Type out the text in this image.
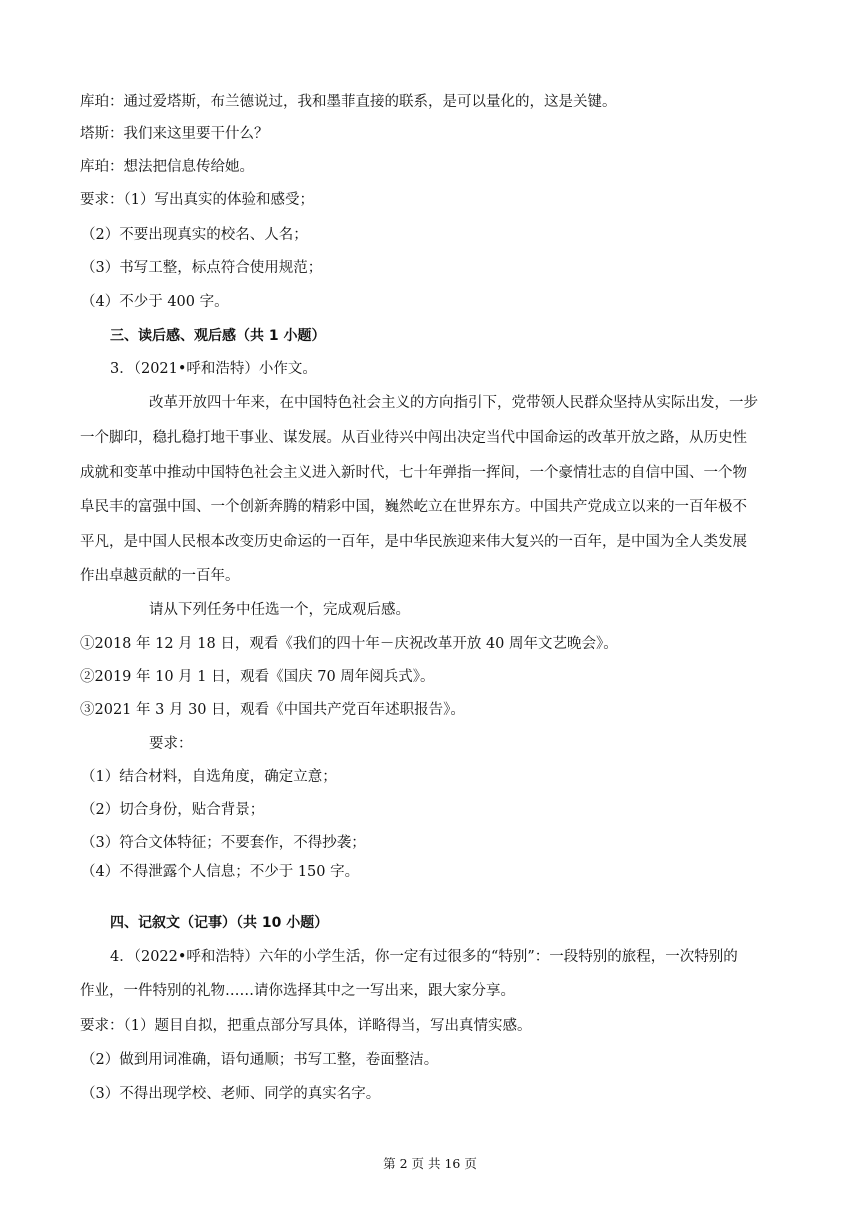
库珀：通过爱塔斯，布兰德说过，我和墨菲直接的联系，是可以量化的，这是关键。
塔斯：我们来这里要干什么？
库珀：想法把信息传给她。
要求：（1）写出真实的体验和感受；
（2）不要出现真实的校名、人名；
（3）书写工整，标点符合使用规范；
（4）不少于 400 字。
三、读后感、观后感（共 1 小题）
3．（2021•呼和浩特）小作文。
改革开放四十年来，在中国特色社会主义的方向指引下，党带领人民群众坚持从实际出发，一步
一个脚印，稳扎稳打地干事业、谋发展。从百业待兴中闯出决定当代中国命运的改革开放之路，从历史性
成就和变革中推动中国特色社会主义进入新时代，七十年弹指一挥间，一个豪情壮志的自信中国、一个物
阜民丰的富强中国、一个创新奔腾的精彩中国，巍然屹立在世界东方。中国共产党成立以来的一百年极不
平凡，是中国人民根本改变历史命运的一百年，是中华民族迎来伟大复兴的一百年，是中国为全人类发展
作出卓越贡献的一百年。
请从下列任务中任选一个，完成观后感。
①2018 年 12 月 18 日，观看《我们的四十年－庆祝改革开放 40 周年文艺晚会》。
②2019 年 10 月 1 日，观看《国庆 70 周年阅兵式》。
③2021 年 3 月 30 日，观看《中国共产党百年述职报告》。
要求：
（1）结合材料，自选角度，确定立意；
（2）切合身份，贴合背景；
（3）符合文体特征；不要套作，不得抄袭；
（4）不得泄露个人信息；不少于 150 字。
四、记叙文（记事）（共 10 小题）
4．（2022•呼和浩特）六年的小学生活，你一定有过很多的“特别”：一段特别的旅程，一次特别的
作业，一件特别的礼物……请你选择其中之一写出来，跟大家分享。
要求：（1）题目自拟，把重点部分写具体，详略得当，写出真情实感。
（2）做到用词准确，语句通顺；书写工整，卷面整洁。
（3）不得出现学校、老师、同学的真实名字。
第 2 页 共 16 页
